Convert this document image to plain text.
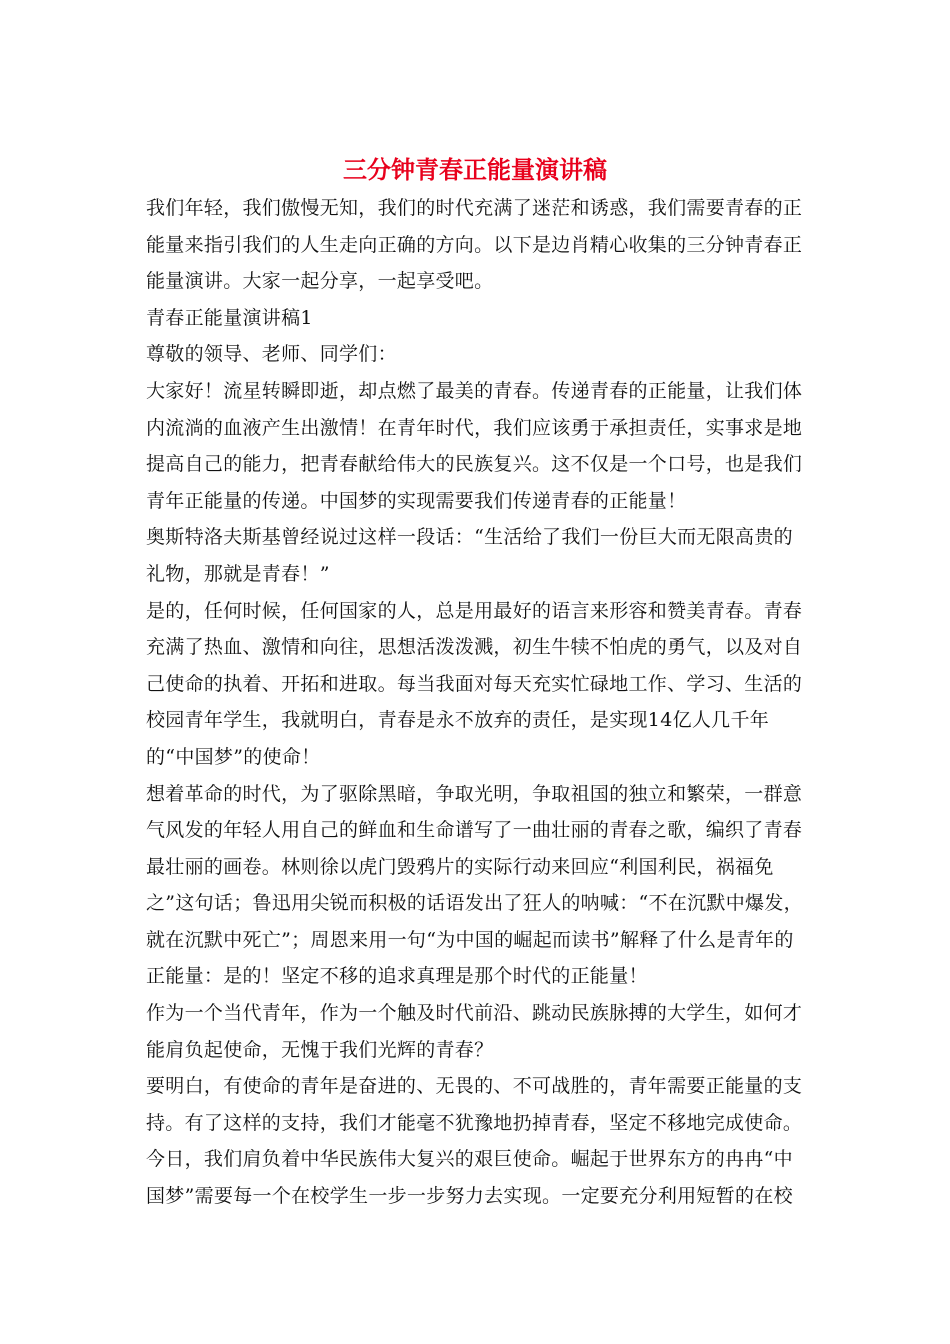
三分钟青春正能量演讲稿

我们年轻，我们傲慢无知，我们的时代充满了迷茫和诱惑，我们需要青春的正能量来指引我们的人生走向正确的方向。以下是边肖精心收集的三分钟青春正能量演讲。大家一起分享，一起享受吧。

青春正能量演讲稿1

尊敬的领导、老师、同学们：

大家好！流星转瞬即逝，却点燃了最美的青春。传递青春的正能量，让我们体内流淌的血液产生出激情！在青年时代，我们应该勇于承担责任，实事求是地提高自己的能力，把青春献给伟大的民族复兴。这不仅是一个口号，也是我们青年正能量的传递。中国梦的实现需要我们传递青春的正能量！

奥斯特洛夫斯基曾经说过这样一段话：“生活给了我们一份巨大而无限高贵的礼物，那就是青春！”

是的，任何时候，任何国家的人，总是用最好的语言来形容和赞美青春。青春充满了热血、激情和向往，思想活泼泼溅，初生牛犊不怕虎的勇气，以及对自己使命的执着、开拓和进取。每当我面对每天充实忙碌地工作、学习、生活的校园青年学生，我就明白，青春是永不放弃的责任，是实现14亿人几千年的“中国梦”的使命！

想着革命的时代，为了驱除黑暗，争取光明，争取祖国的独立和繁荣，一群意气风发的年轻人用自己的鲜血和生命谱写了一曲壮丽的青春之歌，编织了青春最壮丽的画卷。林则徐以虎门毁鸦片的实际行动来回应“利国利民，祸福免之”这句话；鲁迅用尖锐而积极的话语发出了狂人的呐喊：“不在沉默中爆发，就在沉默中死亡”；周恩来用一句“为中国的崛起而读书”解释了什么是青年的正能量：是的！坚定不移的追求真理是那个时代的正能量！

作为一个当代青年，作为一个触及时代前沿、跳动民族脉搏的大学生，如何才能肩负起使命，无愧于我们光辉的青春？

要明白，有使命的青年是奋进的、无畏的、不可战胜的，青年需要正能量的支持。有了这样的支持，我们才能毫不犹豫地扔掉青春，坚定不移地完成使命。

今日，我们肩负着中华民族伟大复兴的艰巨使命。崛起于世界东方的冉冉“中国梦”需要每一个在校学生一步一步努力去实现。一定要充分利用短暂的在校
